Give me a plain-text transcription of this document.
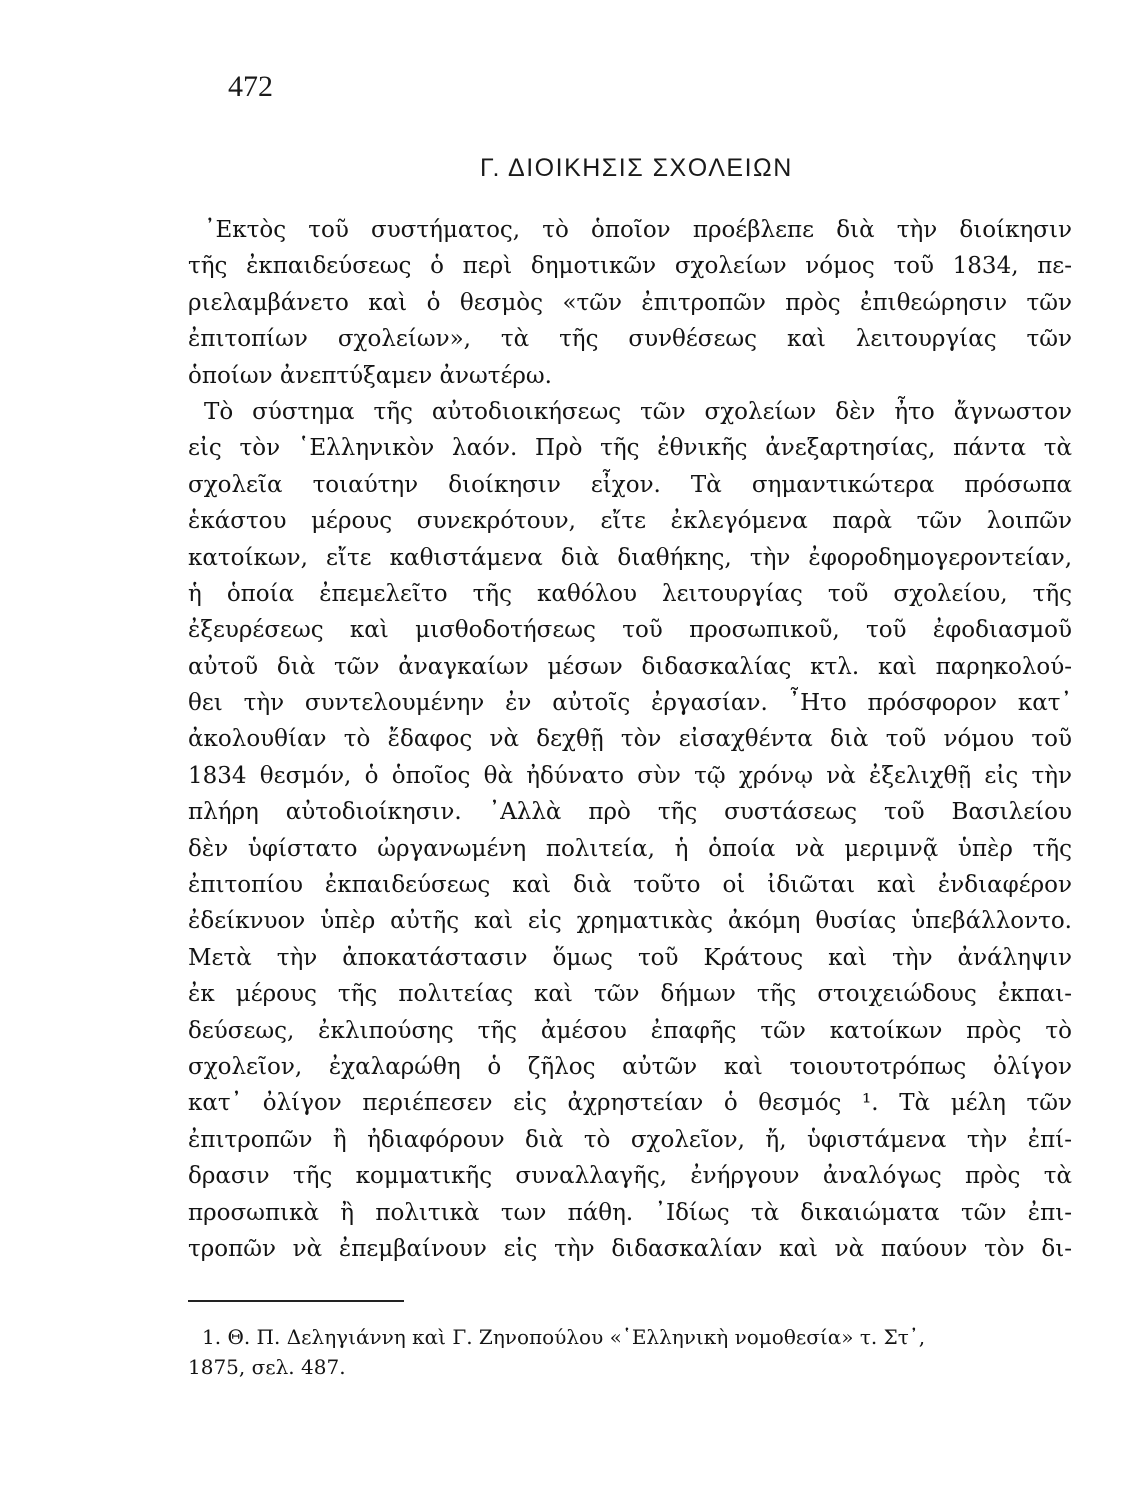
472
Γ. ΔΙΟΙΚΗΣΙΣ ΣΧΟΛΕΙΩΝ
᾿Εκτὸς τοῦ συστήματος, τὸ ὁποῖον προέβλεπε διὰ τὴν διοίκησιν
τῆς ἐκπαιδεύσεως ὁ περὶ δημοτικῶν σχολείων νόμος τοῦ 1834, πε-
ριελαμβάνετο καὶ ὁ θεσμὸς «τῶν ἐπιτροπῶν πρὸς ἐπιθεώρησιν τῶν
ἐπιτοπίων σχολείων», τὰ τῆς συνθέσεως καὶ λειτουργίας τῶν
ὁποίων ἀνεπτύξαμεν ἀνωτέρω.
Τὸ σύστημα τῆς αὐτοδιοικήσεως τῶν σχολείων δὲν ἦτο ἄγνωστον
εἰς τὸν ῾Ελληνικὸν λαόν. Πρὸ τῆς ἐθνικῆς ἀνεξαρτησίας, πάντα τὰ
σχολεῖα τοιαύτην διοίκησιν εἶχον. Τὰ σημαντικώτερα πρόσωπα
ἑκάστου μέρους συνεκρότουν, εἴτε ἐκλεγόμενα παρὰ τῶν λοιπῶν
κατοίκων, εἴτε καθιστάμενα διὰ διαθήκης, τὴν ἐφοροδημογεροντείαν,
ἡ ὁποία ἐπεμελεῖτο τῆς καθόλου λειτουργίας τοῦ σχολείου, τῆς
ἐξευρέσεως καὶ μισθοδοτήσεως τοῦ προσωπικοῦ, τοῦ ἐφοδιασμοῦ
αὐτοῦ διὰ τῶν ἀναγκαίων μέσων διδασκαλίας κτλ. καὶ παρηκολού-
θει τὴν συντελουμένην ἐν αὐτοῖς ἐργασίαν. ῏Ητο πρόσφορον κατ᾿
ἀκολουθίαν τὸ ἔδαφος νὰ δεχθῇ τὸν εἰσαχθέντα διὰ τοῦ νόμου τοῦ
1834 θεσμόν, ὁ ὁποῖος θὰ ἠδύνατο σὺν τῷ χρόνῳ νὰ ἐξελιχθῇ εἰς τὴν
πλήρη αὐτοδιοίκησιν. ᾿Αλλὰ πρὸ τῆς συστάσεως τοῦ Βασιλείου
δὲν ὑφίστατο ὠργανωμένη πολιτεία, ἡ ὁποία νὰ μεριμνᾷ ὑπὲρ τῆς
ἐπιτοπίου ἐκπαιδεύσεως καὶ διὰ τοῦτο οἱ ἰδιῶται καὶ ἐνδιαφέρον
ἐδείκνυον ὑπὲρ αὐτῆς καὶ εἰς χρηματικὰς ἀκόμη θυσίας ὑπεβάλλοντο.
Μετὰ τὴν ἀποκατάστασιν ὅμως τοῦ Κράτους καὶ τὴν ἀνάληψιν
ἐκ μέρους τῆς πολιτείας καὶ τῶν δήμων τῆς στοιχειώδους ἐκπαι-
δεύσεως, ἐκλιπούσης τῆς ἀμέσου ἐπαφῆς τῶν κατοίκων πρὸς τὸ
σχολεῖον, ἐχαλαρώθη ὁ ζῆλος αὐτῶν καὶ τοιουτοτρόπως ὀλίγον
κατ᾿ ὀλίγον περιέπεσεν εἰς ἀχρηστείαν ὁ θεσμός ¹. Τὰ μέλη τῶν
ἐπιτροπῶν ἢ ἠδιαφόρουν διὰ τὸ σχολεῖον, ἤ, ὑφιστάμενα τὴν ἐπί-
δρασιν τῆς κομματικῆς συναλλαγῆς, ἐνήργουν ἀναλόγως πρὸς τὰ
προσωπικὰ ἢ πολιτικὰ των πάθη. ᾿Ιδίως τὰ δικαιώματα τῶν ἐπι-
τροπῶν νὰ ἐπεμβαίνουν εἰς τὴν διδασκαλίαν καὶ νὰ παύουν τὸν δι-
1. Θ. Π. Δεληγιάννη καὶ Γ. Ζηνοπούλου «῾Ελληνικὴ νομοθεσία» τ. Στ᾿,
1875, σελ. 487.
